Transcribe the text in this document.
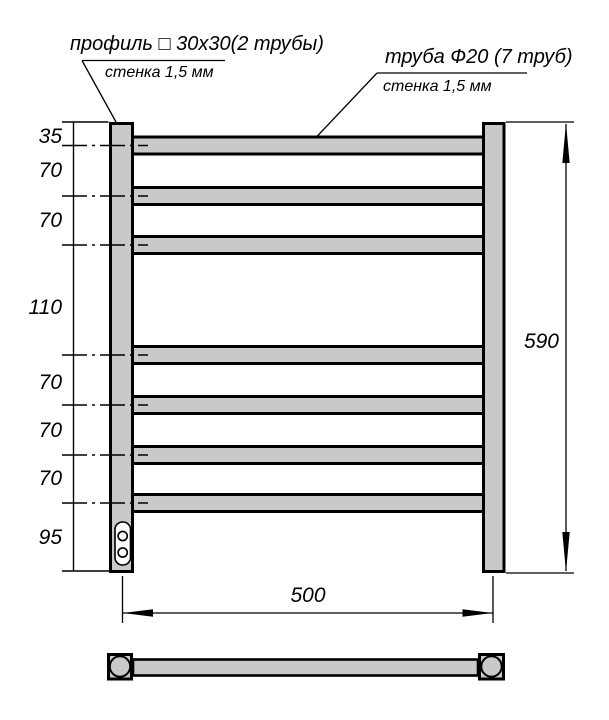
35
70
70
110
70
70
70
95
590
500
профиль □ 30х30(2 трубы)
стенка 1,5 мм
труба Ф20 (7 труб)
стенка 1,5 мм
